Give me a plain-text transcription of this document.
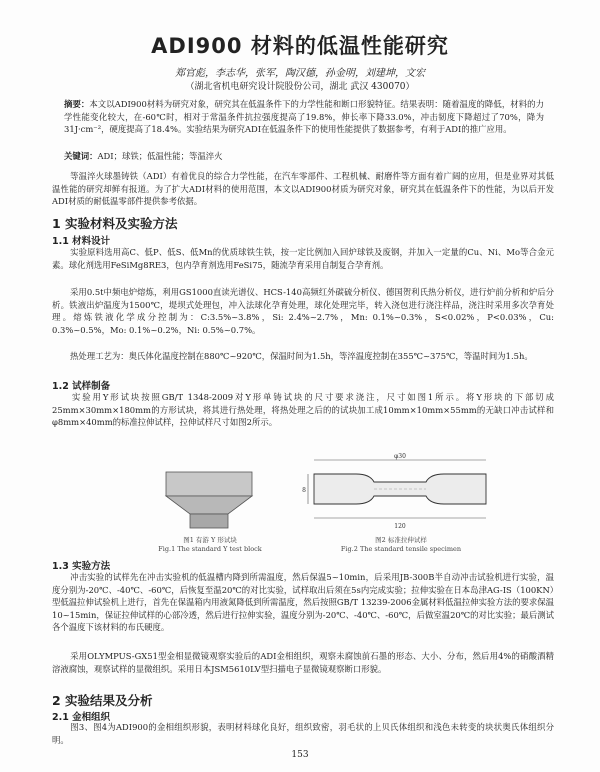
ADI900 材料的低温性能研究
郑官彪，李志华，张军，陶汉德，孙金明，刘建坤，文宏
（湖北省机电研究设计院股份公司，湖北 武汉 430070）
摘要：本文以ADI900材料为研究对象，研究其在低温条件下的力学性能和断口形貌特征。结果表明：随着温度的降低，材料的力学性能变化较大，在-60℃时，相对于常温条件抗拉强度提高了19.8%，伸长率下降33.0%，冲击韧度下降超过了70%，降为31J·cm⁻²，硬度提高了18.4%。实验结果为研究ADI在低温条件下的使用性能提供了数据参考，有利于ADI的推广应用。
关键词：ADI；球铁；低温性能；等温淬火
等温淬火球墨铸铁（ADI）有着优良的综合力学性能，在汽车零部件、工程机械、耐磨件等方面有着广阔的应用，但是业界对其低温性能的研究却鲜有报道。为了扩大ADI材料的使用范围，本文以ADI900材质为研究对象，研究其在低温条件下的性能，为以后开发ADI材质的耐低温零部件提供参考依据。
1 实验材料及实验方法
1.1 材料设计
实验原料选用高C、低P、低S、低Mn的优质球铁生铁，按一定比例加入回炉球铁及废钢，并加入一定量的Cu、Ni、Mo等合金元素。球化剂选用FeSiMg8RE3，包内孕育剂选用FeSi75，随流孕育采用自制复合孕育剂。
采用0.5t中频电炉熔炼，利用GS1000直读光谱仪、HCS-140高频红外碳硫分析仪、德国贺利氏热分析仪，进行炉前分析和炉后分析。铁液出炉温度为1500℃，堤坝式处理包，冲入法球化孕育处理，球化处理完毕，转入浇包进行浇注样品，浇注时采用多次孕育处理。熔炼铁液化学成分控制为：C:3.5%~3.8%，Si: 2.4%~2.7%，Mn: 0.1%~0.3%，S<0.02%，P<0.03%，Cu: 0.3%~0.5%，Mo: 0.1%~0.2%，Ni: 0.5%~0.7%。
热处理工艺为：奥氏体化温度控制在880℃~920℃，保温时间为1.5h，等淬温度控制在355℃~375℃，等温时间为1.5h。
1.2 试样制备
实验用Y形试块按照GB/T 1348-2009对Y形单铸试块的尺寸要求浇注，尺寸如图1所示。将Y形块的下部切成25mm×30mm×180mm的方形试块，将其进行热处理，将热处理之后的的试块加工成10mm×10mm×55mm的无缺口冲击试样和φ8mm×40mm的标准拉伸试样，拉伸试样尺寸如图2所示。
图1 有游 Y 形试块
Fig.1 The standard Y test block
φ30
8
120
图2 标准拉伸试样
Fig.2 The standard tensile specimen
1.3 实验方法
冲击实验的试样先在冲击实验机的低温槽内降到所需温度，然后保温5~10min，后采用JB-300B半自动冲击试验机进行实验，温度分别为-20℃、-40℃、-60℃，后恢复至温20℃的对比实验，试样取出后须在5s内完成实验；拉伸实验在日本岛津AG-IS（100KN）型低温拉伸试验机上进行，首先在保温箱内用液氮降低到所需温度，然后按照GB/T 13239-2006金属材料低温拉伸实验方法的要求保温10~15min，保证拉伸试样的心部冷透，然后进行拉伸实验，温度分别为-20℃、-40℃、-60℃，后做室温20℃的对比实验；最后测试各个温度下该材料的布氏硬度。
采用OLYMPUS-GX51型金相显微镜观察实验后的ADI金相组织，观察未腐蚀前石墨的形态、大小、分布，然后用4%的硝酸酒精溶液腐蚀，观察试样的显微组织。采用日本JSM5610LV型扫描电子显微镜观察断口形貌。
2 实验结果及分析
2.1 金相组织
图3、图4为ADI900的金相组织形貌，表明材料球化良好，组织致密，羽毛状的上贝氏体组织和浅色未转变的块状奥氏体组织分明。
153
